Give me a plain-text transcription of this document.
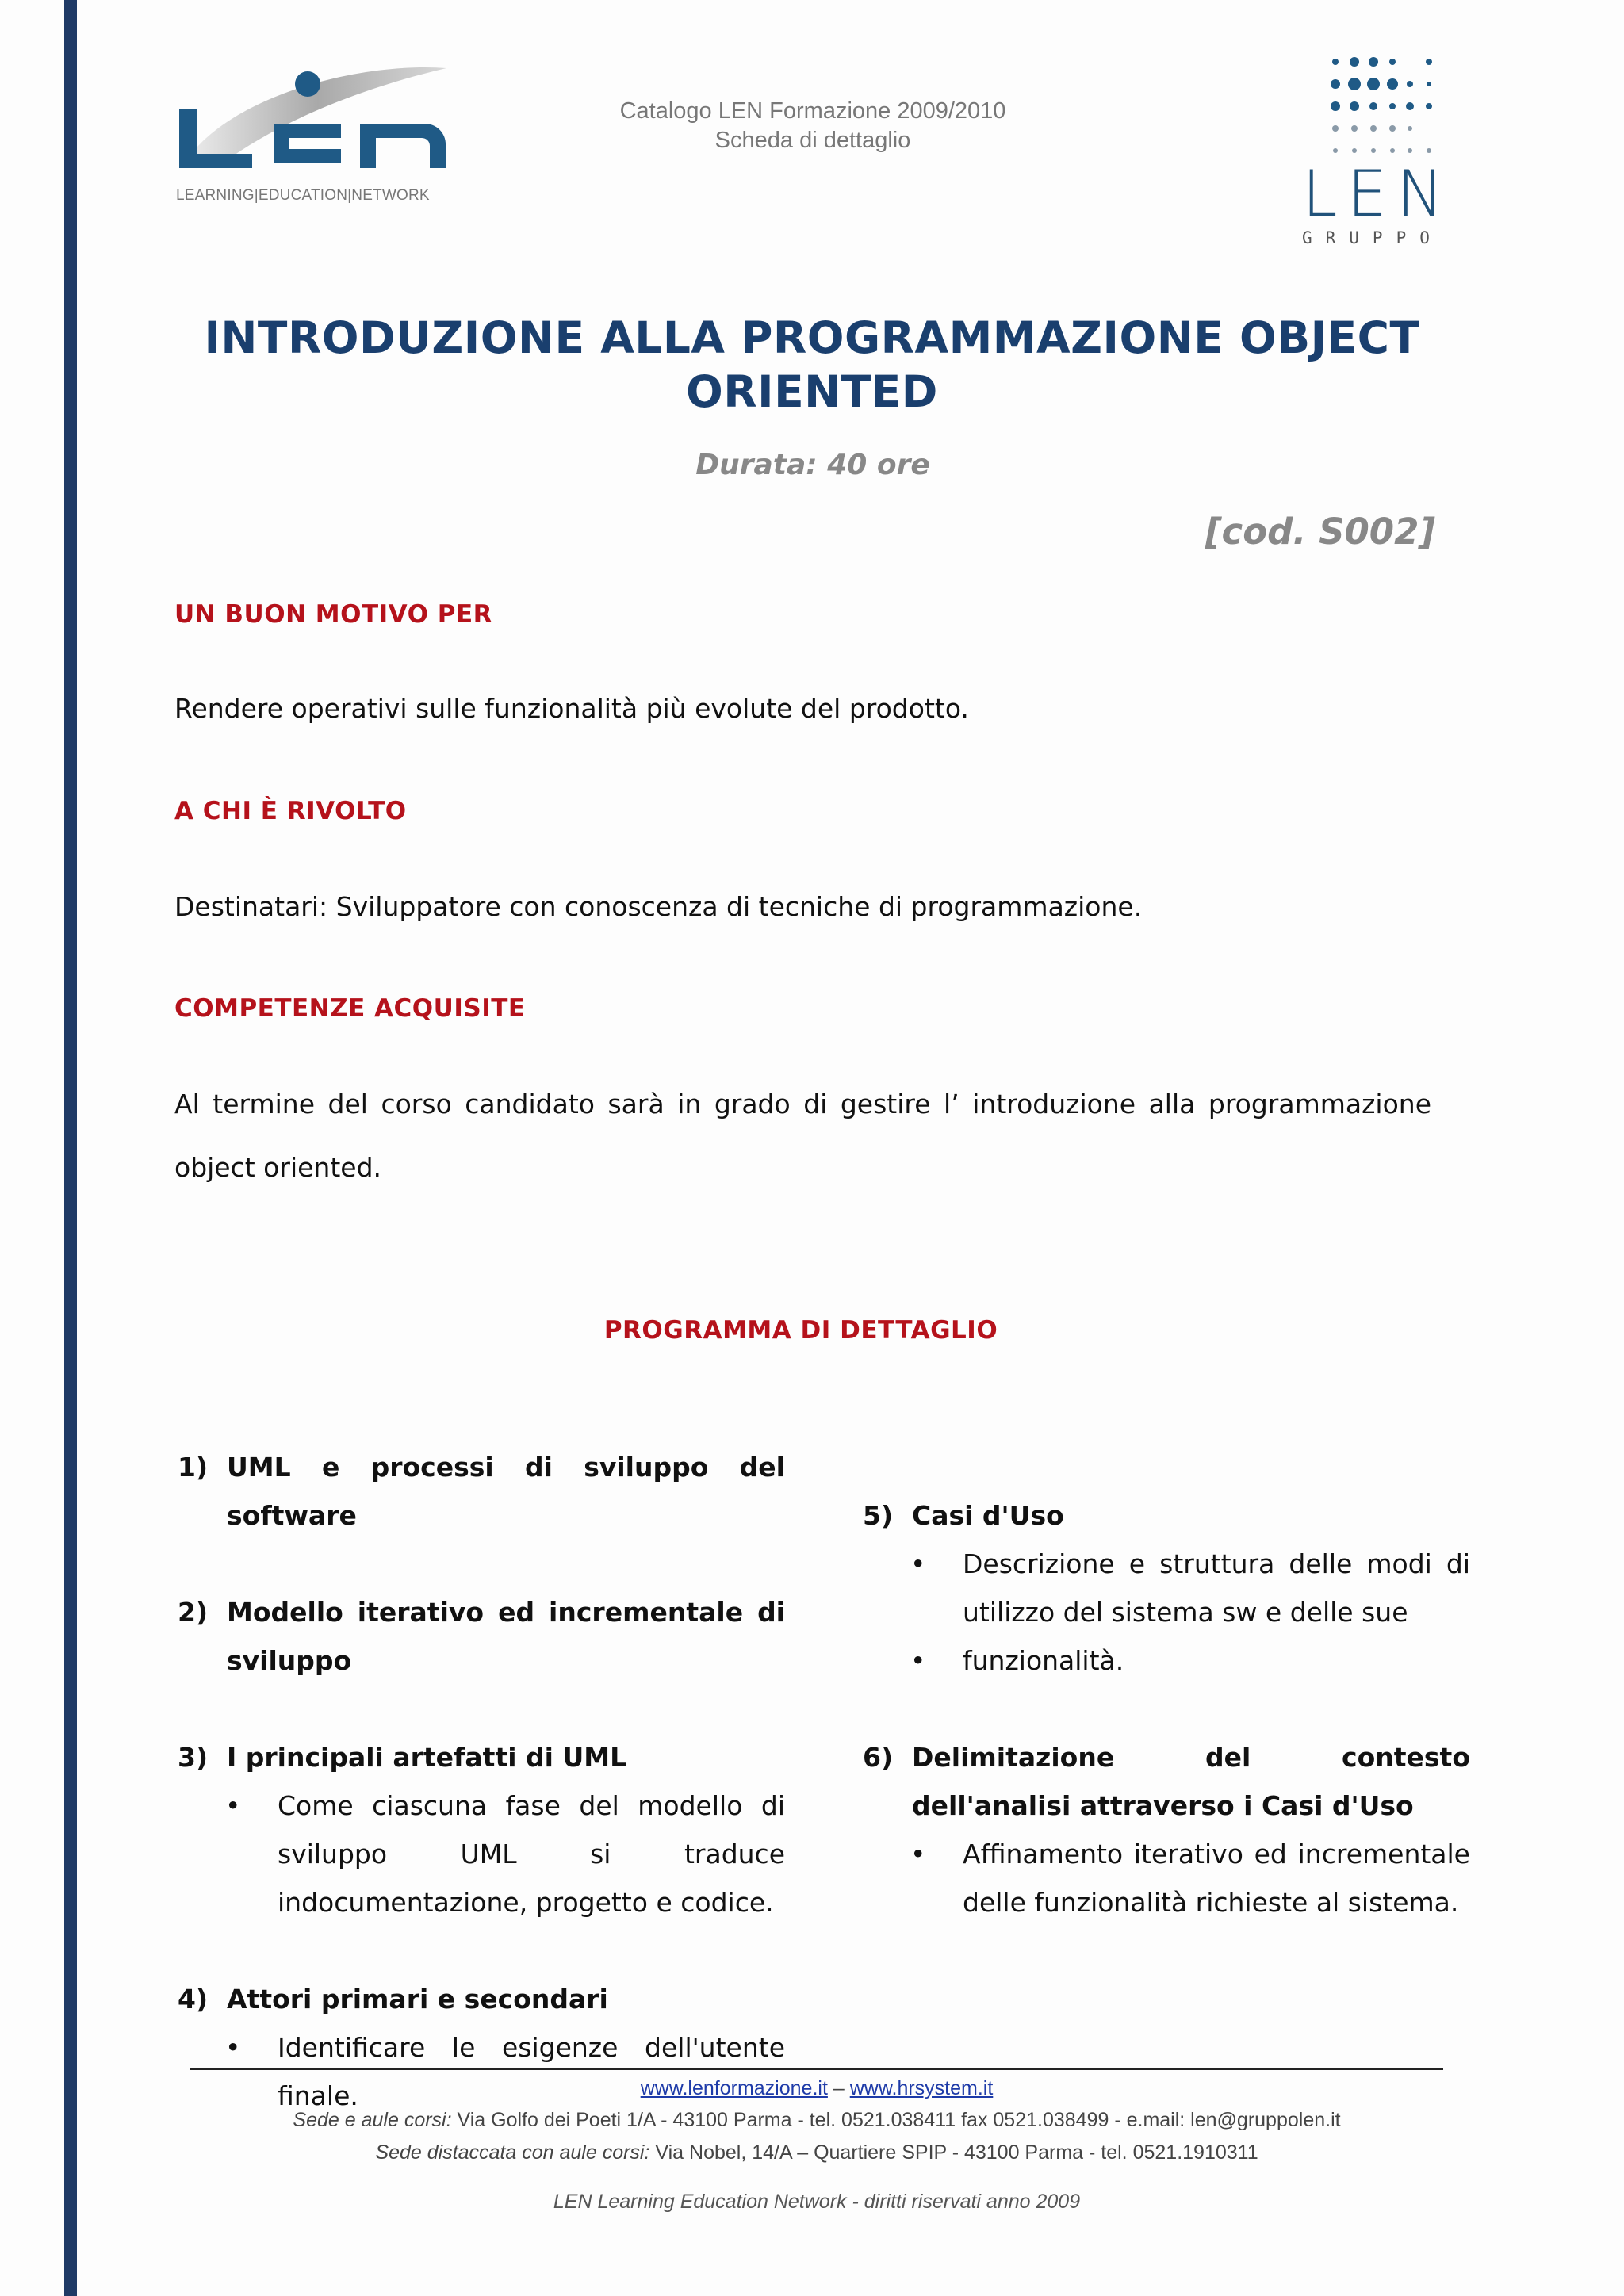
LEARNING|EDUCATION|NETWORK
Catalogo LEN Formazione 2009/2010
Scheda di dettaglio
LEN
GRUPPO
INTRODUZIONE ALLA PROGRAMMAZIONE OBJECT
ORIENTED
Durata: 40 ore
[cod. S002]
UN BUON MOTIVO PER
Rendere operativi sulle funzionalità più evolute del prodotto.
A CHI È RIVOLTO
Destinatari: Sviluppatore con conoscenza di tecniche di programmazione.
COMPETENZE ACQUISITE
Al termine del corso candidato sarà in grado di gestire l’ introduzione alla programmazione object oriented.
PROGRAMMA DI DETTAGLIO
1) UML e processi di sviluppo del software
2) Modello iterativo ed incrementale di sviluppo
3) I principali artefatti di UML
• Come ciascuna fase del modello di sviluppo UML si traduce indocumentazione, progetto e codice.
4) Attori primari e secondari
• Identificare le esigenze dell'utente finale.
5) Casi d'Uso
• Descrizione e struttura delle modi di utilizzo del sistema sw e delle sue
• funzionalità.
6) Delimitazione del contesto dell'analisi attraverso i Casi d'Uso
• Affinamento iterativo ed incrementale delle funzionalità richieste al sistema.
www.lenformazione.it – www.hrsystem.it
Sede e aule corsi: Via Golfo dei Poeti 1/A - 43100 Parma - tel. 0521.038411 fax 0521.038499 - e.mail: len@gruppolen.it
Sede distaccata con aule corsi: Via Nobel, 14/A – Quartiere SPIP - 43100 Parma - tel. 0521.1910311
LEN Learning Education Network - diritti riservati anno 2009
